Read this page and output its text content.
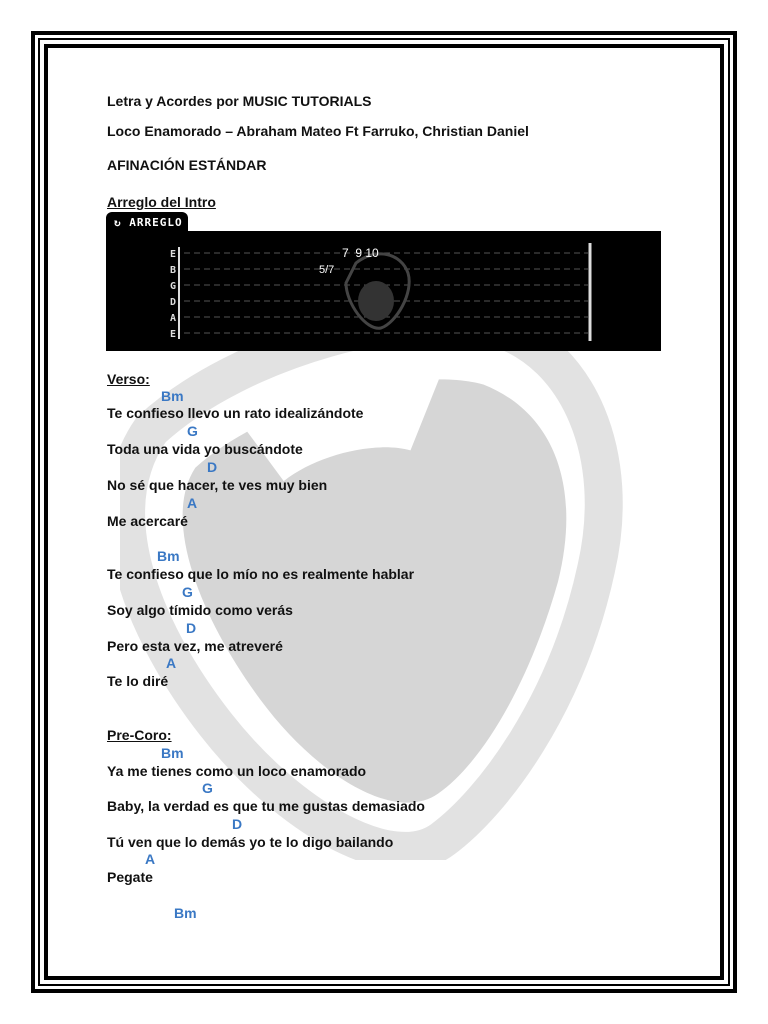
Letra y Acordes por MUSIC TUTORIALS
Loco Enamorado – Abraham Mateo Ft Farruko, Christian Daniel
AFINACIÓN ESTÁNDAR
Arreglo del Intro
↻ ARREGLO
E
B
G
D
A
E
7  9 10
5/7
Verso:
Bm
Te confieso llevo un rato idealizándote
G
Toda una vida yo buscándote
D
No sé que hacer, te ves muy bien
A
Me acercaré
Bm
Te confieso que lo mío no es realmente hablar
G
Soy algo tímido como verás
D
Pero esta vez, me atreveré
A
Te lo diré
Pre-Coro:
Bm
Ya me tienes como un loco enamorado
G
Baby, la verdad es que tu me gustas demasiado
D
Tú ven que lo demás yo te lo digo bailando
A
Pegate
Bm
